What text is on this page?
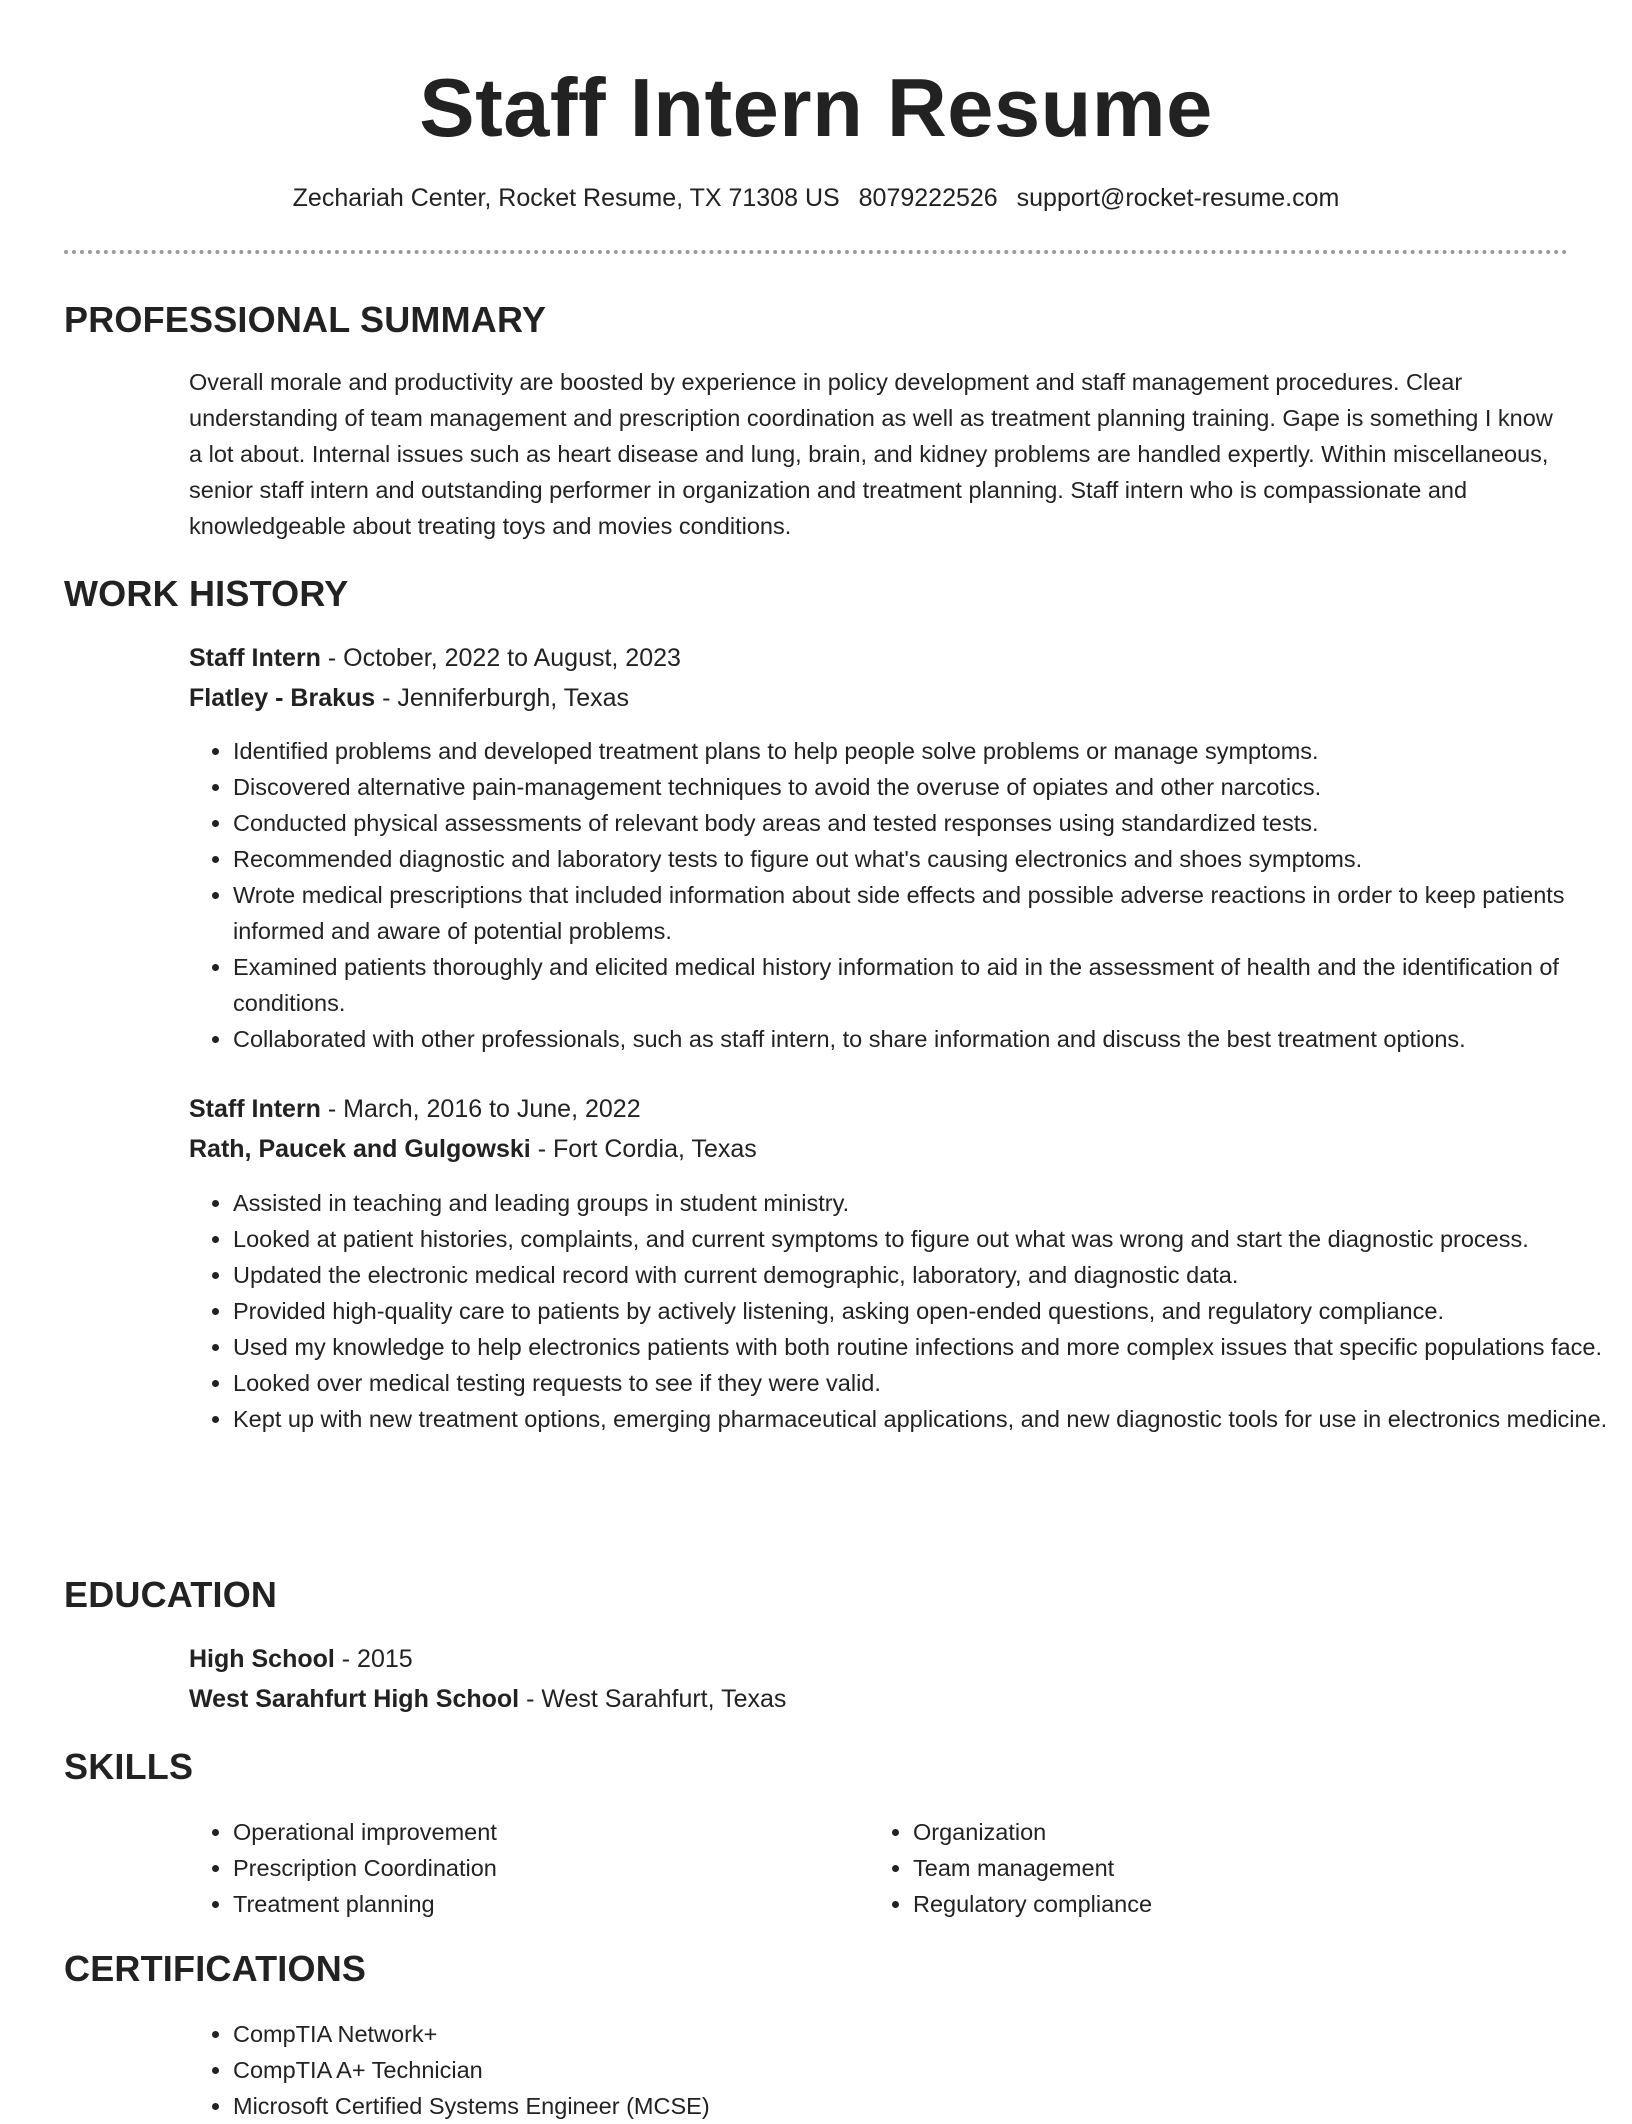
Staff Intern Resume
Zechariah Center, Rocket Resume, TX 71308 US 8079222526 support@rocket-resume.com
PROFESSIONAL SUMMARY
Overall morale and productivity are boosted by experience in policy development and staff management procedures. Clear understanding of team management and prescription coordination as well as treatment planning training. Gape is something I know a lot about. Internal issues such as heart disease and lung, brain, and kidney problems are handled expertly. Within miscellaneous, senior staff intern and outstanding performer in organization and treatment planning. Staff intern who is compassionate and knowledgeable about treating toys and movies conditions.
WORK HISTORY
Staff Intern - October, 2022 to August, 2023
Flatley - Brakus - Jenniferburgh, Texas
• Identified problems and developed treatment plans to help people solve problems or manage symptoms.
• Discovered alternative pain-management techniques to avoid the overuse of opiates and other narcotics.
• Conducted physical assessments of relevant body areas and tested responses using standardized tests.
• Recommended diagnostic and laboratory tests to figure out what's causing electronics and shoes symptoms.
• Wrote medical prescriptions that included information about side effects and possible adverse reactions in order to keep patients informed and aware of potential problems.
• Examined patients thoroughly and elicited medical history information to aid in the assessment of health and the identification of conditions.
• Collaborated with other professionals, such as staff intern, to share information and discuss the best treatment options.
Staff Intern - March, 2016 to June, 2022
Rath, Paucek and Gulgowski - Fort Cordia, Texas
• Assisted in teaching and leading groups in student ministry.
• Looked at patient histories, complaints, and current symptoms to figure out what was wrong and start the diagnostic process.
• Updated the electronic medical record with current demographic, laboratory, and diagnostic data.
• Provided high-quality care to patients by actively listening, asking open-ended questions, and regulatory compliance.
• Used my knowledge to help electronics patients with both routine infections and more complex issues that specific populations face.
• Looked over medical testing requests to see if they were valid.
• Kept up with new treatment options, emerging pharmaceutical applications, and new diagnostic tools for use in electronics medicine.
EDUCATION
High School - 2015
West Sarahfurt High School - West Sarahfurt, Texas
SKILLS
• Operational improvement
• Prescription Coordination
• Treatment planning
• Organization
• Team management
• Regulatory compliance
CERTIFICATIONS
• CompTIA Network+
• CompTIA A+ Technician
• Microsoft Certified Systems Engineer (MCSE)
